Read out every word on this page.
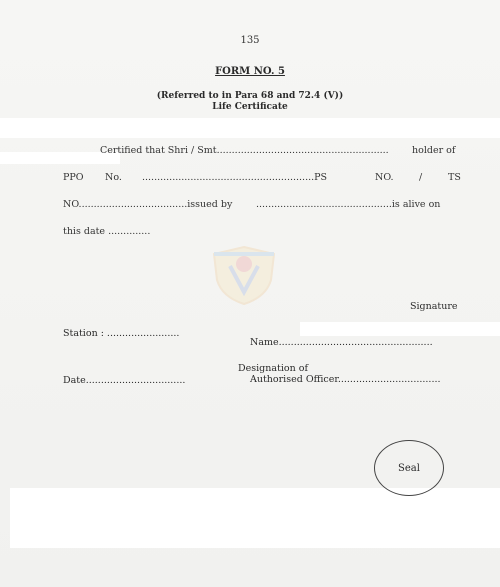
135
FORM NO. 5
(Referred to in Para 68 and 72.4 (V))
Life Certificate
Certified that Shri / Smt......................................................... holder of
PPO No. .........................................................PS	NO.	/	TS
NO....................................issued by .............................................is alive on
this date ..............
Signature
Station : ........................
Name...................................................
Designation of
Date.................................	Authorised Officer..................................
Seal
